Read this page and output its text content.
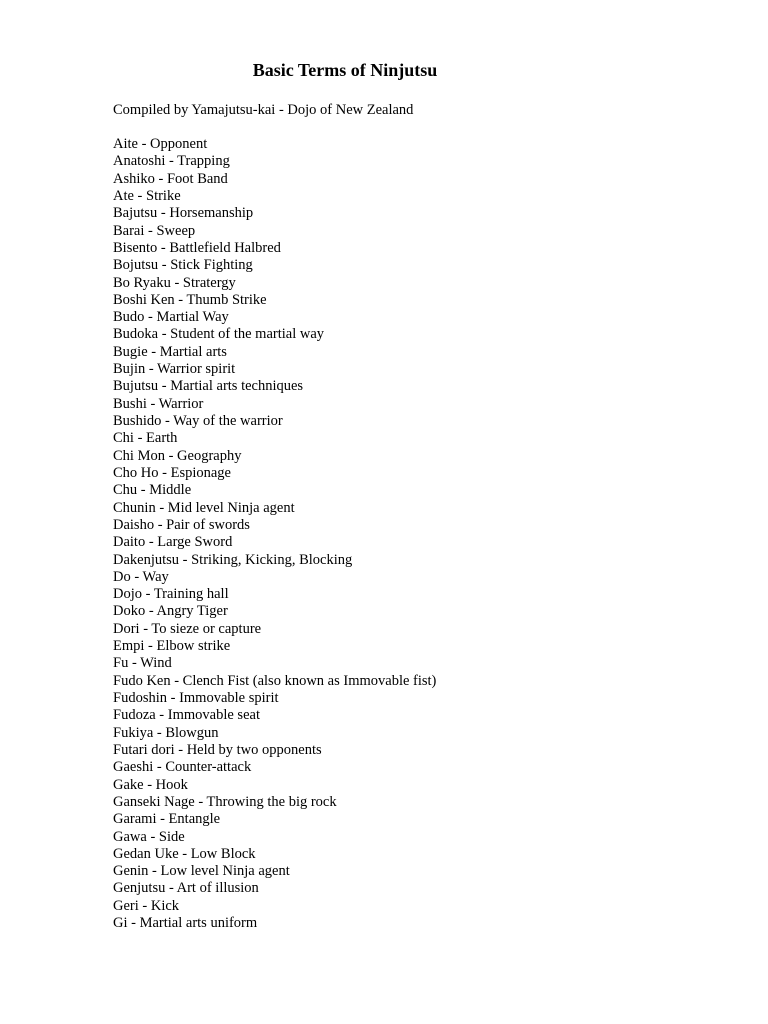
Basic Terms of Ninjutsu
Compiled by Yamajutsu-kai - Dojo of New Zealand
Aite - Opponent
Anatoshi - Trapping
Ashiko - Foot Band
Ate - Strike
Bajutsu - Horsemanship
Barai - Sweep
Bisento - Battlefield Halbred
Bojutsu - Stick Fighting
Bo Ryaku - Stratergy
Boshi Ken - Thumb Strike
Budo - Martial Way
Budoka - Student of the martial way
Bugie - Martial arts
Bujin - Warrior spirit
Bujutsu - Martial arts techniques
Bushi - Warrior
Bushido - Way of the warrior
Chi - Earth
Chi Mon - Geography
Cho Ho - Espionage
Chu - Middle
Chunin - Mid level Ninja agent
Daisho - Pair of swords
Daito - Large Sword
Dakenjutsu - Striking, Kicking, Blocking
Do - Way
Dojo - Training hall
Doko - Angry Tiger
Dori - To sieze or capture
Empi - Elbow strike
Fu - Wind
Fudo Ken - Clench Fist (also known as Immovable fist)
Fudoshin - Immovable spirit
Fudoza - Immovable seat
Fukiya - Blowgun
Futari dori - Held by two opponents
Gaeshi - Counter-attack
Gake - Hook
Ganseki Nage - Throwing the big rock
Garami - Entangle
Gawa - Side
Gedan Uke - Low Block
Genin - Low level Ninja agent
Genjutsu - Art of illusion
Geri - Kick
Gi - Martial arts uniform
